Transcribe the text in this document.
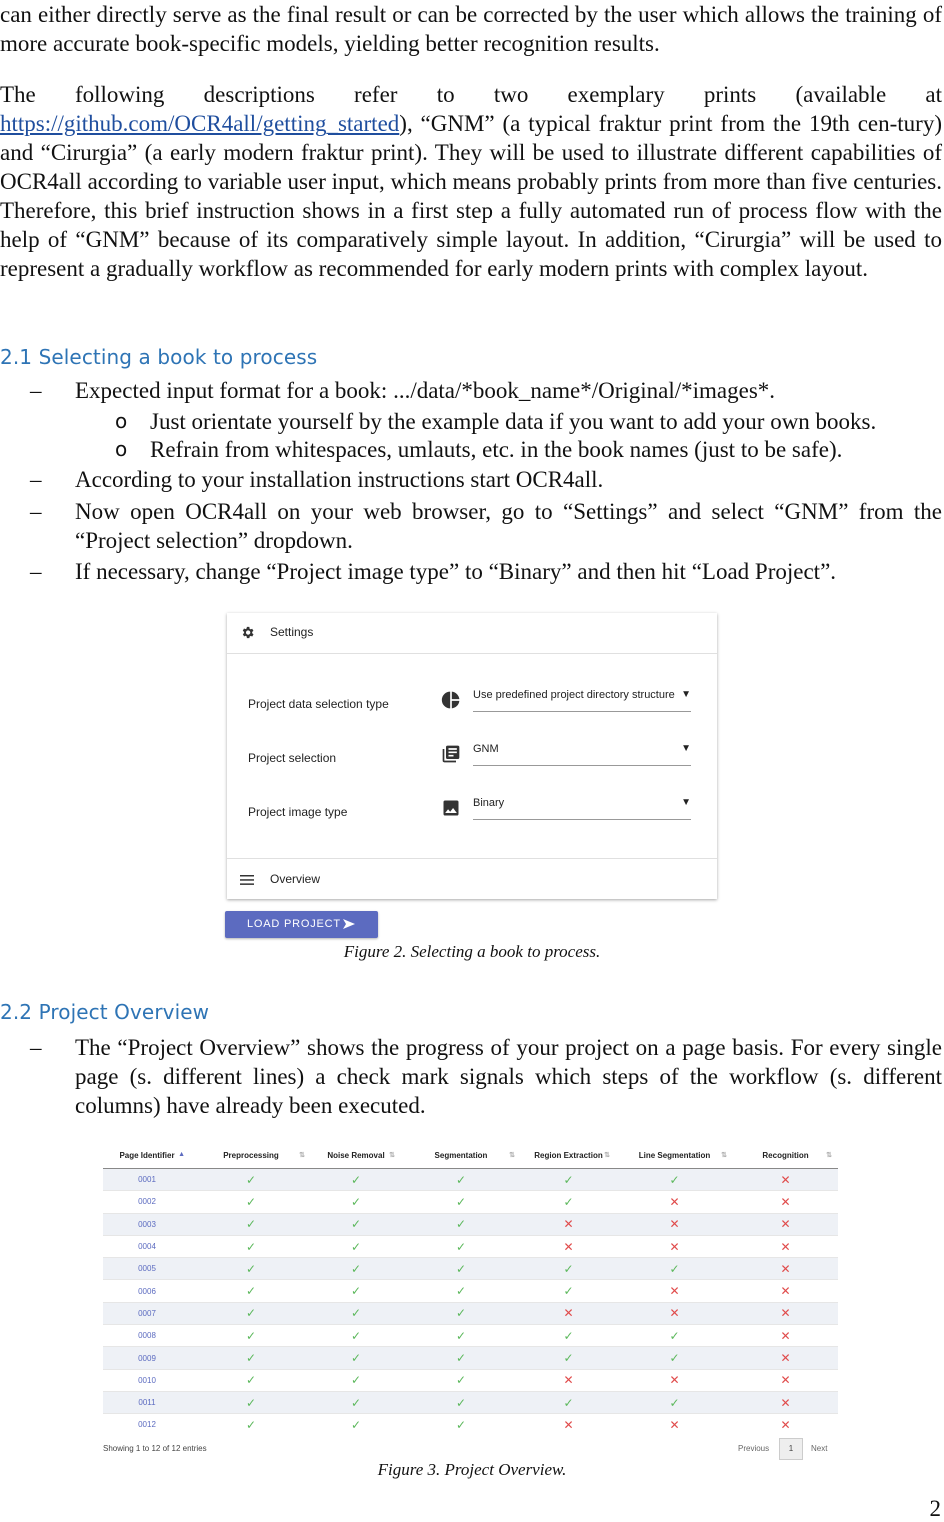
can either directly serve as the final result or can be corrected by the user which allows the training of more accurate book-specific models, yielding better recognition results.

The following descriptions refer to two exemplary prints (available at https://github.com/OCR4all/getting_started), “GNM” (a typical fraktur print from the 19th cen-tury) and “Cirurgia” (a early modern fraktur print). They will be used to illustrate different capabilities of OCR4all according to variable user input, which means probably prints from more than five centuries. Therefore, this brief instruction shows in a first step a fully automated run of process flow with the help of “GNM” because of its comparatively simple layout. In addition, “Cirurgia” will be used to represent a gradually workflow as recommended for early modern prints with complex layout.

2.1 Selecting a book to process
– Expected input format for a book: .../data/*book_name*/Original/*images*.
o Just orientate yourself by the example data if you want to add your own books.
o Refrain from whitespaces, umlauts, etc. in the book names (just to be safe).
– According to your installation instructions start OCR4all.
– Now open OCR4all on your web browser, go to “Settings” and select “GNM” from the “Project selection” dropdown.
– If necessary, change “Project image type” to “Binary” and then hit “Load Project”.
Settings
Project data selection type
Use predefined project directory structure ▼
Project selection
GNM	▼
Project image type
Binary	▼
Overview
LOAD PROJECT
Figure 2. Selecting a book to process.
2.2 Project Overview
– The “Project Overview” shows the progress of your project on a page basis. For every single page (s. different lines) a check mark signals which steps of the workflow (s. different columns) have already been executed.
Page Identifier ▲	Preprocessing ⇅	Noise Removal ⇅	Segmentation ⇅	Region Extraction ⇅	Line Segmentation ⇅	Recognition ⇅

0001	✓	✓	✓	✓	✓	✕
0002	✓	✓	✓	✓	✕	✕
0003	✓	✓	✓	✕	✕	✕
0004	✓	✓	✓	✕	✕	✕
0005	✓	✓	✓	✓	✓	✕
0006	✓	✓	✓	✓	✕	✕
0007	✓	✓	✓	✕	✕	✕
0008	✓	✓	✓	✓	✓	✕
0009	✓	✓	✓	✓	✓	✕
0010	✓	✓	✓	✕	✕	✕
0011	✓	✓	✓	✓	✓	✕
0012	✓	✓	✓	✕	✕	✕
Showing 1 to 12 of 12 entries	Previous	1	Next
Figure 3. Project Overview.
2
